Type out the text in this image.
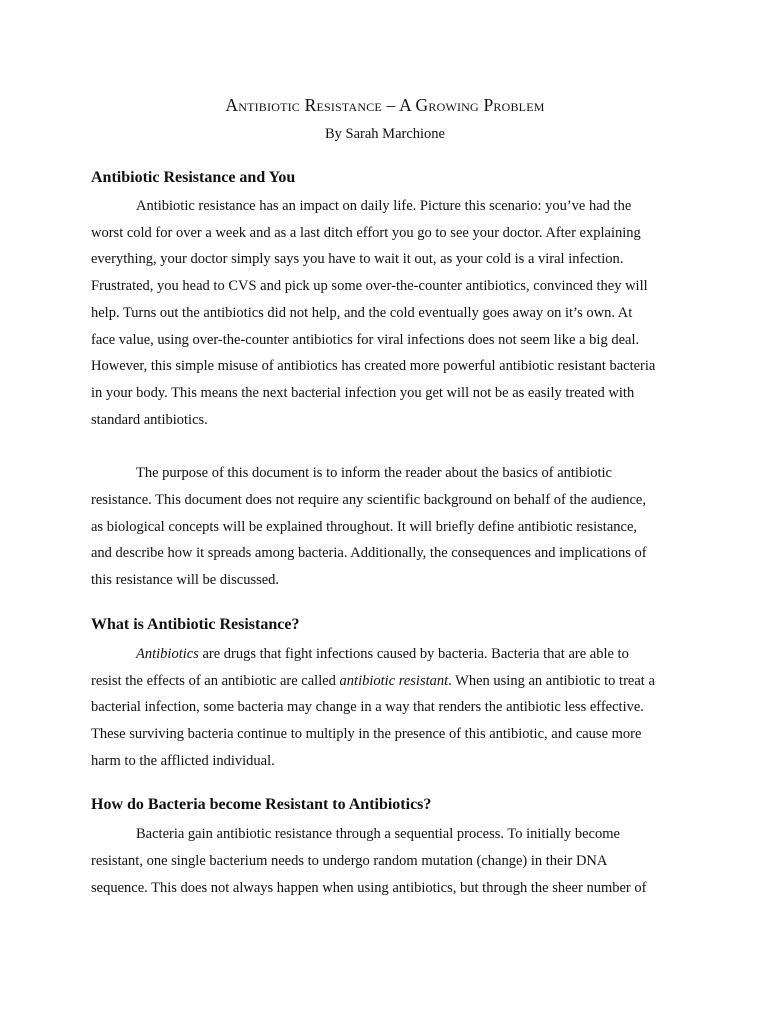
Antibiotic Resistance – A Growing Problem
By Sarah Marchione
Antibiotic Resistance and You

Antibiotic resistance has an impact on daily life. Picture this scenario: you’ve had the
worst cold for over a week and as a last ditch effort you go to see your doctor. After explaining
everything, your doctor simply says you have to wait it out, as your cold is a viral infection.
Frustrated, you head to CVS and pick up some over-the-counter antibiotics, convinced they will
help. Turns out the antibiotics did not help, and the cold eventually goes away on it’s own. At
face value, using over-the-counter antibiotics for viral infections does not seem like a big deal.
However, this simple misuse of antibiotics has created more powerful antibiotic resistant bacteria
in your body. This means the next bacterial infection you get will not be as easily treated with
standard antibiotics.

The purpose of this document is to inform the reader about the basics of antibiotic
resistance. This document does not require any scientific background on behalf of the audience,
as biological concepts will be explained throughout. It will briefly define antibiotic resistance,
and describe how it spreads among bacteria. Additionally, the consequences and implications of
this resistance will be discussed.

What is Antibiotic Resistance?

Antibiotics are drugs that fight infections caused by bacteria. Bacteria that are able to
resist the effects of an antibiotic are called antibiotic resistant. When using an antibiotic to treat a
bacterial infection, some bacteria may change in a way that renders the antibiotic less effective.
These surviving bacteria continue to multiply in the presence of this antibiotic, and cause more
harm to the afflicted individual.

How do Bacteria become Resistant to Antibiotics?

Bacteria gain antibiotic resistance through a sequential process. To initially become
resistant, one single bacterium needs to undergo random mutation (change) in their DNA
sequence. This does not always happen when using antibiotics, but through the sheer number of
